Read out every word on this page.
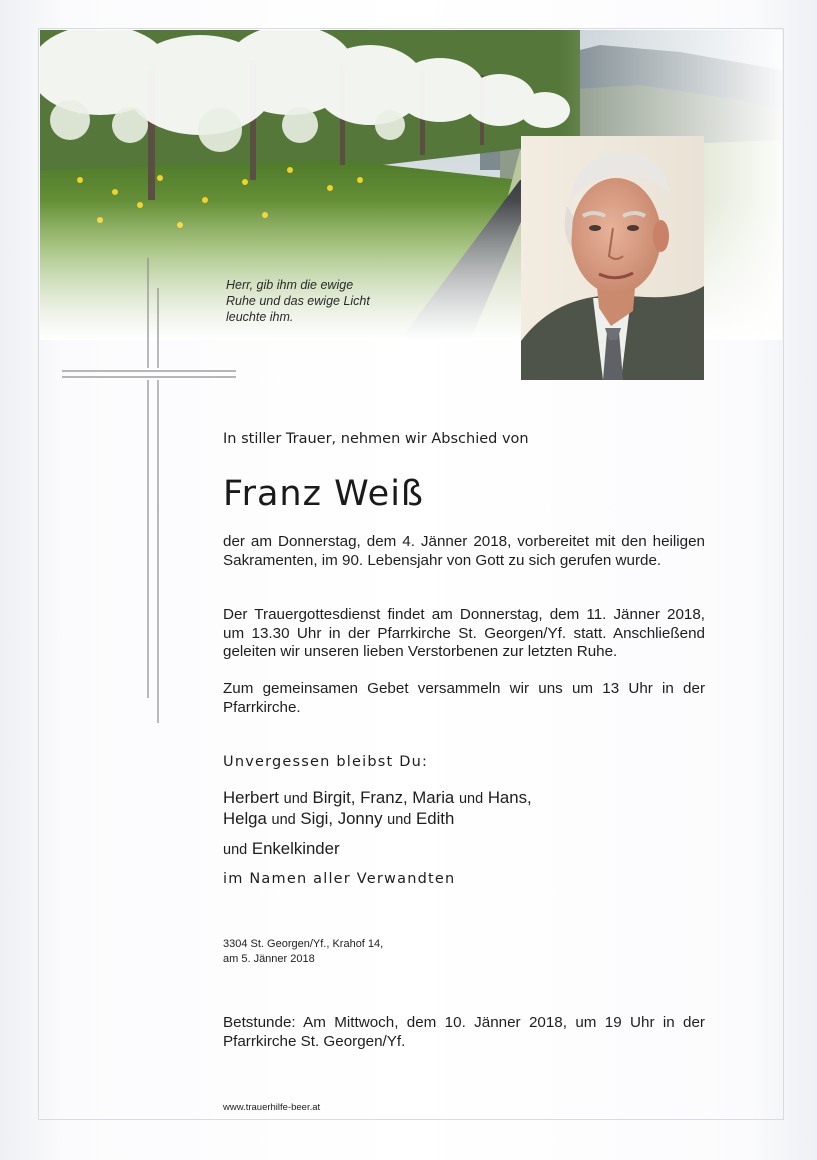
Herr, gib ihm die ewige
Ruhe und das ewige Licht
leuchte ihm.

In stiller Trauer, nehmen wir Abschied von

Franz Weiß

der am Donnerstag, dem 4. Jänner 2018, vorbereitet mit den heiligen Sakramenten, im 90. Lebensjahr von Gott zu sich gerufen wurde.

Der Trauergottesdienst findet am Donnerstag, dem 11. Jänner 2018, um 13.30 Uhr in der Pfarrkirche St. Georgen/Yf. statt. Anschließend geleiten wir unseren lieben Verstorbenen zur letzten Ruhe.

Zum gemeinsamen Gebet versammeln wir uns um 13 Uhr in der Pfarrkirche.

Unvergessen bleibst Du:

Herbert und Birgit, Franz, Maria und Hans,

Helga und Sigi, Jonny und Edith

und Enkelkinder

im Namen aller Verwandten

3304 St. Georgen/Yf., Krahof 14,
am 5. Jänner 2018

Betstunde: Am Mittwoch, dem 10. Jänner 2018, um 19 Uhr in der Pfarrkirche St. Georgen/Yf.

www.trauerhilfe-beer.at
